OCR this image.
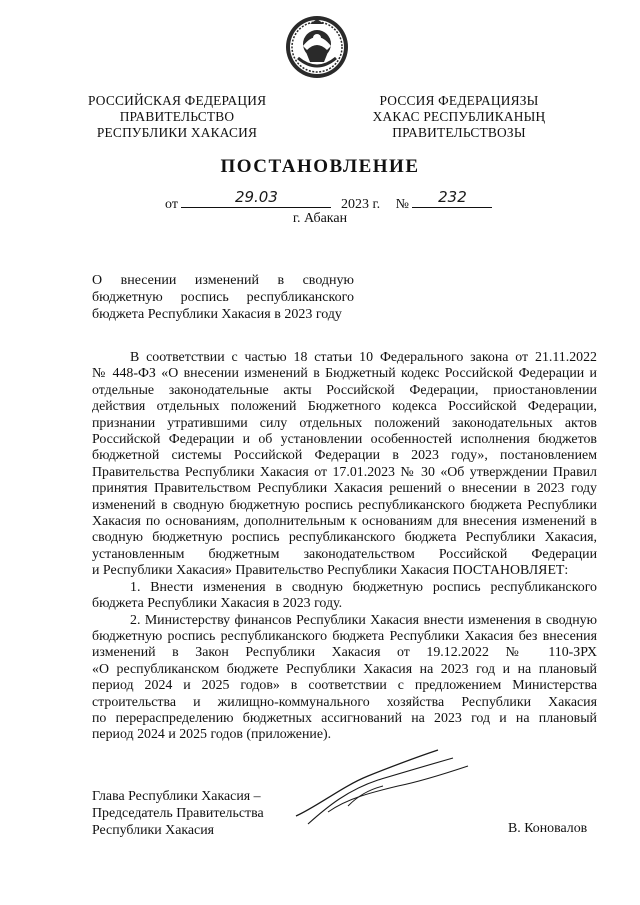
РОССИЙСКАЯ ФЕДЕРАЦИЯ
ПРАВИТЕЛЬСТВО
РЕСПУБЛИКИ ХАКАСИЯ
РОССИЯ ФЕДЕРАЦИЯЗЫ
ХАКАС РЕСПУБЛИКАНЫҢ
ПРАВИТЕЛЬСТВОЗЫ
ПОСТАНОВЛЕНИЕ
от	29.03	2023 г. №	232
г. Абакан
О внесении изменений в сводную
бюджетную роспись республиканского
бюджета Республики Хакасия в 2023 году
В соответствии с частью 18 статьи 10 Федерального закона от 21.11.2022
№ 448-ФЗ «О внесении изменений в Бюджетный кодекс Российской Федерации и
отдельные законодательные акты Российской Федерации, приостановлении
действия отдельных положений Бюджетного кодекса Российской Федерации,
признании утратившими силу отдельных положений законодательных актов
Российской Федерации и об установлении особенностей исполнения бюджетов
бюджетной системы Российской Федерации в 2023 году», постановлением
Правительства Республики Хакасия от 17.01.2023 № 30 «Об утверждении Правил
принятия Правительством Республики Хакасия решений о внесении в 2023 году
изменений в сводную бюджетную роспись республиканского бюджета Республики
Хакасия по основаниям, дополнительным к основаниям для внесения изменений в
сводную бюджетную роспись республиканского бюджета Республики Хакасия,
установленным бюджетным законодательством Российской Федерации
и Республики Хакасия» Правительство Республики Хакасия ПОСТАНОВЛЯЕТ:
1. Внести изменения в сводную бюджетную роспись республиканского
бюджета Республики Хакасия в 2023 году.
2. Министерству финансов Республики Хакасия внести изменения в сводную
бюджетную роспись республиканского бюджета Республики Хакасия без внесения
изменений в Закон Республики Хакасия от 19.12.2022 № 110-ЗРХ
«О республиканском бюджете Республики Хакасия на 2023 год и на плановый
период 2024 и 2025 годов» в соответствии с предложением Министерства
строительства и жилищно-коммунального хозяйства Республики Хакасия
по перераспределению бюджетных ассигнований на 2023 год и на плановый
период 2024 и 2025 годов (приложение).
Глава Республики Хакасия –
Председатель Правительства
Республики Хакасия	В. Коновалов
